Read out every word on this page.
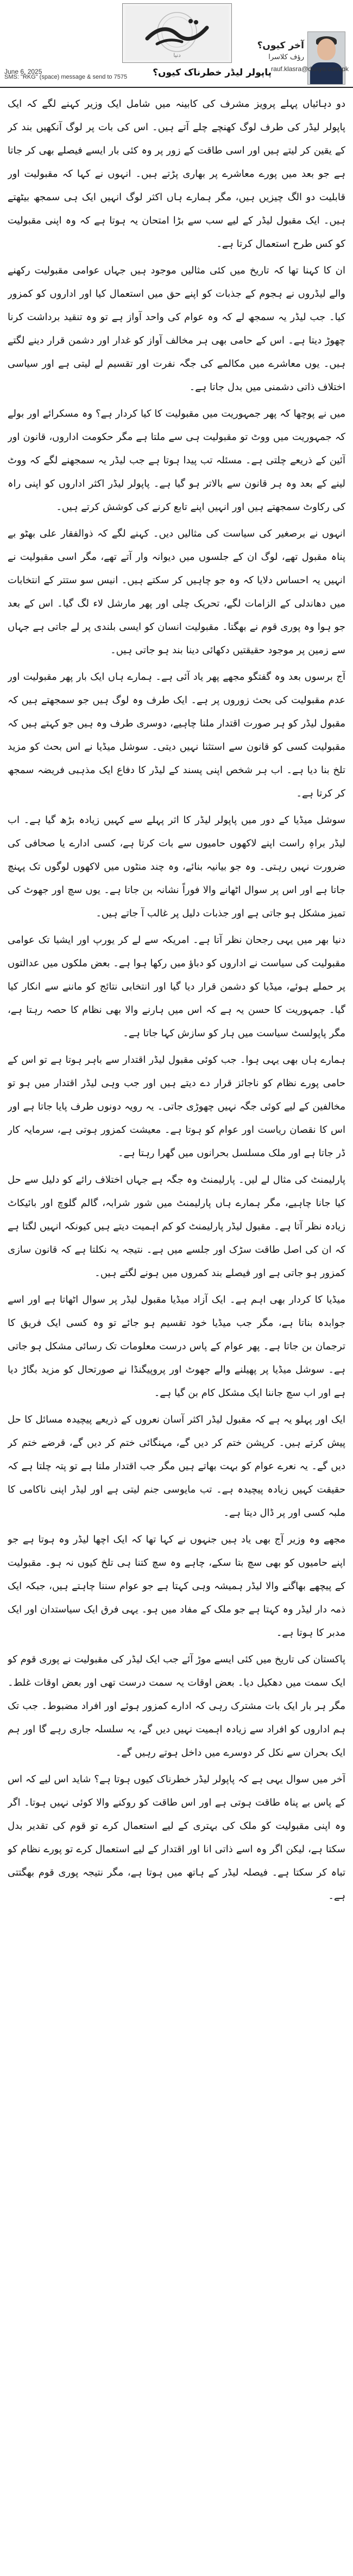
دنیا
آخر کیوں؟
رؤف کلاسرا
rauf.klasra@dunya.com.pk
پاپولر لیڈر خطرناک کیوں؟
June 6, 2025
SMS: "RKG" (space) message & send to 7575

دو دہائیاں پہلے پرویز مشرف کی کابینہ میں شامل ایک وزیر کہنے لگے کہ ایک پاپولر لیڈر کی طرف لوگ کھنچے چلے آتے ہیں۔ اس کی بات پر لوگ آنکھیں بند کر کے یقین کر لیتے ہیں اور اسی طاقت کے زور پر وہ کئی بار ایسے فیصلے بھی کر جاتا ہے جو بعد میں پورے معاشرے پر بھاری پڑتے ہیں۔ انہوں نے کہا کہ مقبولیت اور قابلیت دو الگ چیزیں ہیں، مگر ہمارے ہاں اکثر لوگ انہیں ایک ہی سمجھ بیٹھتے ہیں۔ ایک مقبول لیڈر کے لیے سب سے بڑا امتحان یہ ہوتا ہے کہ وہ اپنی مقبولیت کو کس طرح استعمال کرتا ہے۔

ان کا کہنا تھا کہ تاریخ میں کئی مثالیں موجود ہیں جہاں عوامی مقبولیت رکھنے والے لیڈروں نے ہجوم کے جذبات کو اپنے حق میں استعمال کیا اور اداروں کو کمزور کیا۔ جب لیڈر یہ سمجھ لے کہ وہ عوام کی واحد آواز ہے تو وہ تنقید برداشت کرنا چھوڑ دیتا ہے۔ اس کے حامی بھی ہر مخالف آواز کو غدار اور دشمن قرار دینے لگتے ہیں۔ یوں معاشرے میں مکالمے کی جگہ نفرت اور تقسیم لے لیتی ہے اور سیاسی اختلاف ذاتی دشمنی میں بدل جاتا ہے۔

میں نے پوچھا کہ پھر جمہوریت میں مقبولیت کا کیا کردار ہے؟ وہ مسکرائے اور بولے کہ جمہوریت میں ووٹ تو مقبولیت ہی سے ملتا ہے مگر حکومت اداروں، قانون اور آئین کے ذریعے چلتی ہے۔ مسئلہ تب پیدا ہوتا ہے جب لیڈر یہ سمجھنے لگے کہ ووٹ لینے کے بعد وہ ہر قانون سے بالاتر ہو گیا ہے۔ پاپولر لیڈر اکثر اداروں کو اپنی راہ کی رکاوٹ سمجھتے ہیں اور انہیں اپنے تابع کرنے کی کوشش کرتے ہیں۔

انہوں نے برصغیر کی سیاست کی مثالیں دیں۔ کہنے لگے کہ ذوالفقار علی بھٹو بے پناہ مقبول تھے، لوگ ان کے جلسوں میں دیوانہ وار آتے تھے، مگر اسی مقبولیت نے انہیں یہ احساس دلایا کہ وہ جو چاہیں کر سکتے ہیں۔ انیس سو ستتر کے انتخابات میں دھاندلی کے الزامات لگے، تحریک چلی اور پھر مارشل لاء لگ گیا۔ اس کے بعد جو ہوا وہ پوری قوم نے بھگتا۔ مقبولیت انسان کو ایسی بلندی پر لے جاتی ہے جہاں سے زمین پر موجود حقیقتیں دکھائی دینا بند ہو جاتی ہیں۔

آج برسوں بعد وہ گفتگو مجھے پھر یاد آئی ہے۔ ہمارے ہاں ایک بار پھر مقبولیت اور عدم مقبولیت کی بحث زوروں پر ہے۔ ایک طرف وہ لوگ ہیں جو سمجھتے ہیں کہ مقبول لیڈر کو ہر صورت اقتدار ملنا چاہیے، دوسری طرف وہ ہیں جو کہتے ہیں کہ مقبولیت کسی کو قانون سے استثنا نہیں دیتی۔ سوشل میڈیا نے اس بحث کو مزید تلخ بنا دیا ہے۔ اب ہر شخص اپنی پسند کے لیڈر کا دفاع ایک مذہبی فریضہ سمجھ کر کرتا ہے۔

سوشل میڈیا کے دور میں پاپولر لیڈر کا اثر پہلے سے کہیں زیادہ بڑھ گیا ہے۔ اب لیڈر براہِ راست اپنے لاکھوں حامیوں سے بات کرتا ہے، کسی ادارے یا صحافی کی ضرورت نہیں رہتی۔ وہ جو بیانیہ بنائے، وہ چند منٹوں میں لاکھوں لوگوں تک پہنچ جاتا ہے اور اس پر سوال اٹھانے والا فوراً نشانہ بن جاتا ہے۔ یوں سچ اور جھوٹ کی تمیز مشکل ہو جاتی ہے اور جذبات دلیل پر غالب آ جاتے ہیں۔

دنیا بھر میں یہی رجحان نظر آتا ہے۔ امریکہ سے لے کر یورپ اور ایشیا تک عوامی مقبولیت کی سیاست نے اداروں کو دباؤ میں رکھا ہوا ہے۔ بعض ملکوں میں عدالتوں پر حملے ہوئے، میڈیا کو دشمن قرار دیا گیا اور انتخابی نتائج کو ماننے سے انکار کیا گیا۔ جمہوریت کا حسن یہ ہے کہ اس میں ہارنے والا بھی نظام کا حصہ رہتا ہے، مگر پاپولسٹ سیاست میں ہار کو سازش کہا جاتا ہے۔

ہمارے ہاں بھی یہی ہوا۔ جب کوئی مقبول لیڈر اقتدار سے باہر ہوتا ہے تو اس کے حامی پورے نظام کو ناجائز قرار دے دیتے ہیں اور جب وہی لیڈر اقتدار میں ہو تو مخالفین کے لیے کوئی جگہ نہیں چھوڑی جاتی۔ یہ رویہ دونوں طرف پایا جاتا ہے اور اس کا نقصان ریاست اور عوام کو ہوتا ہے۔ معیشت کمزور ہوتی ہے، سرمایہ کار ڈر جاتا ہے اور ملک مسلسل بحرانوں میں گھرا رہتا ہے۔

پارلیمنٹ کی مثال لے لیں۔ پارلیمنٹ وہ جگہ ہے جہاں اختلاف رائے کو دلیل سے حل کیا جانا چاہیے، مگر ہمارے ہاں پارلیمنٹ میں شور شرابہ، گالم گلوچ اور بائیکاٹ زیادہ نظر آتا ہے۔ مقبول لیڈر پارلیمنٹ کو کم اہمیت دیتے ہیں کیونکہ انہیں لگتا ہے کہ ان کی اصل طاقت سڑک اور جلسے میں ہے۔ نتیجہ یہ نکلتا ہے کہ قانون سازی کمزور ہو جاتی ہے اور فیصلے بند کمروں میں ہونے لگتے ہیں۔

میڈیا کا کردار بھی اہم ہے۔ ایک آزاد میڈیا مقبول لیڈر پر سوال اٹھاتا ہے اور اسے جوابدہ بناتا ہے، مگر جب میڈیا خود تقسیم ہو جائے تو وہ کسی ایک فریق کا ترجمان بن جاتا ہے۔ پھر عوام کے پاس درست معلومات تک رسائی مشکل ہو جاتی ہے۔ سوشل میڈیا پر پھیلنے والے جھوٹ اور پروپیگنڈا نے صورتحال کو مزید بگاڑ دیا ہے اور اب سچ جاننا ایک مشکل کام بن گیا ہے۔

ایک اور پہلو یہ ہے کہ مقبول لیڈر اکثر آسان نعروں کے ذریعے پیچیدہ مسائل کا حل پیش کرتے ہیں۔ کرپشن ختم کر دیں گے، مہنگائی ختم کر دیں گے، قرضے ختم کر دیں گے۔ یہ نعرے عوام کو بہت بھاتے ہیں مگر جب اقتدار ملتا ہے تو پتہ چلتا ہے کہ حقیقت کہیں زیادہ پیچیدہ ہے۔ تب مایوسی جنم لیتی ہے اور لیڈر اپنی ناکامی کا ملبہ کسی اور پر ڈال دیتا ہے۔

مجھے وہ وزیر آج بھی یاد ہیں جنہوں نے کہا تھا کہ ایک اچھا لیڈر وہ ہوتا ہے جو اپنے حامیوں کو بھی سچ بتا سکے، چاہے وہ سچ کتنا ہی تلخ کیوں نہ ہو۔ مقبولیت کے پیچھے بھاگنے والا لیڈر ہمیشہ وہی کہتا ہے جو عوام سننا چاہتے ہیں، جبکہ ایک ذمہ دار لیڈر وہ کہتا ہے جو ملک کے مفاد میں ہو۔ یہی فرق ایک سیاستدان اور ایک مدبر کا ہوتا ہے۔

پاکستان کی تاریخ میں کئی ایسے موڑ آئے جب ایک لیڈر کی مقبولیت نے پوری قوم کو ایک سمت میں دھکیل دیا۔ بعض اوقات یہ سمت درست تھی اور بعض اوقات غلط۔ مگر ہر بار ایک بات مشترک رہی کہ ادارے کمزور ہوئے اور افراد مضبوط۔ جب تک ہم اداروں کو افراد سے زیادہ اہمیت نہیں دیں گے، یہ سلسلہ جاری رہے گا اور ہم ایک بحران سے نکل کر دوسرے میں داخل ہوتے رہیں گے۔

آخر میں سوال یہی ہے کہ پاپولر لیڈر خطرناک کیوں ہوتا ہے؟ شاید اس لیے کہ اس کے پاس بے پناہ طاقت ہوتی ہے اور اس طاقت کو روکنے والا کوئی نہیں ہوتا۔ اگر وہ اپنی مقبولیت کو ملک کی بہتری کے لیے استعمال کرے تو قوم کی تقدیر بدل سکتا ہے، لیکن اگر وہ اسے ذاتی انا اور اقتدار کے لیے استعمال کرے تو پورے نظام کو تباہ کر سکتا ہے۔ فیصلہ لیڈر کے ہاتھ میں ہوتا ہے، مگر نتیجہ پوری قوم بھگتتی ہے۔
